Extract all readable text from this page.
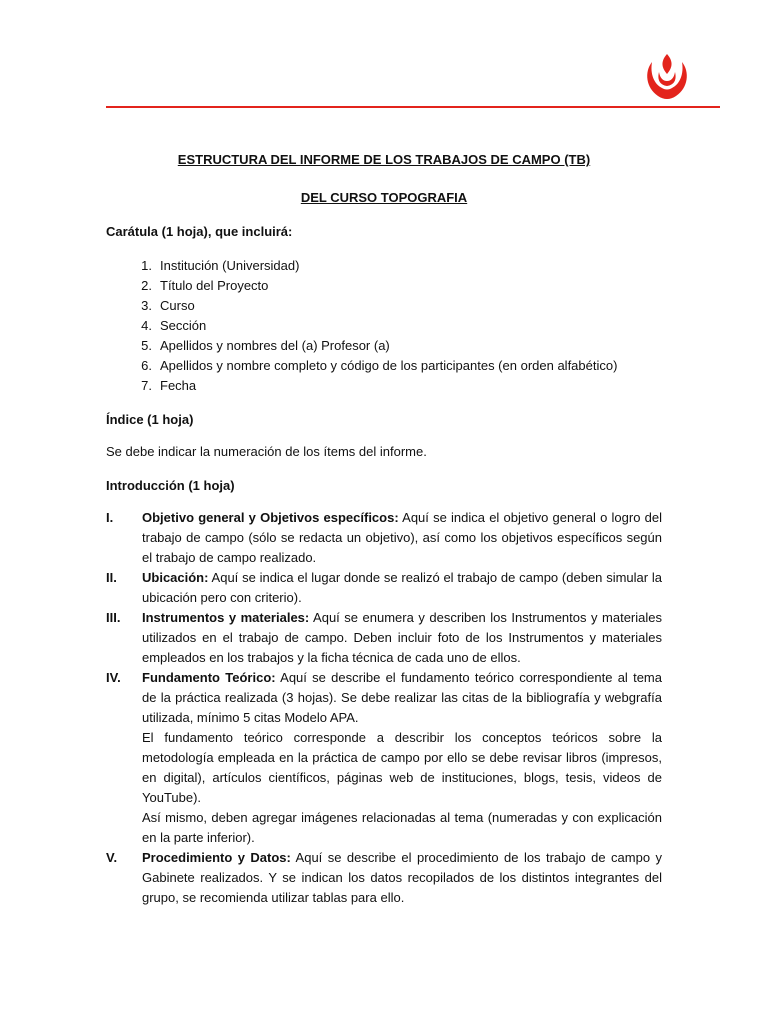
ESTRUCTURA DEL INFORME DE LOS TRABAJOS DE CAMPO (TB)

DEL CURSO TOPOGRAFIA

Carátula (1 hoja), que incluirá:

1. Institución (Universidad)
2. Título del Proyecto
3. Curso
4. Sección
5. Apellidos y nombres del (a) Profesor (a)
6. Apellidos y nombre completo y código de los participantes (en orden alfabético)
7. Fecha

Índice (1 hoja)

Se debe indicar la numeración de los ítems del informe.

Introducción (1 hoja)

I.	Objetivo general y Objetivos específicos: Aquí se indica el objetivo general o logro del trabajo de campo (sólo se redacta un objetivo), así como los objetivos específicos según el trabajo de campo realizado.
II.	Ubicación: Aquí se indica el lugar donde se realizó el trabajo de campo (deben simular la ubicación pero con criterio).
III.	Instrumentos y materiales: Aquí se enumera y describen los Instrumentos y materiales utilizados en el trabajo de campo. Deben incluir foto de los Instrumentos y materiales empleados en los trabajos y la ficha técnica de cada uno de ellos.
IV.	Fundamento Teórico: Aquí se describe el fundamento teórico correspondiente al tema de la práctica realizada (3 hojas). Se debe realizar las citas de la bibliografía y webgrafía utilizada, mínimo 5 citas Modelo APA.
El fundamento teórico corresponde a describir los conceptos teóricos sobre la metodología empleada en la práctica de campo por ello se debe revisar libros (impresos, en digital), artículos científicos, páginas web de instituciones, blogs, tesis, videos de YouTube).
Así mismo, deben agregar imágenes relacionadas al tema (numeradas y con explicación en la parte inferior).
V.	Procedimiento y Datos: Aquí se describe el procedimiento de los trabajo de campo y Gabinete realizados. Y se indican los datos recopilados de los distintos integrantes del grupo, se recomienda utilizar tablas para ello.
